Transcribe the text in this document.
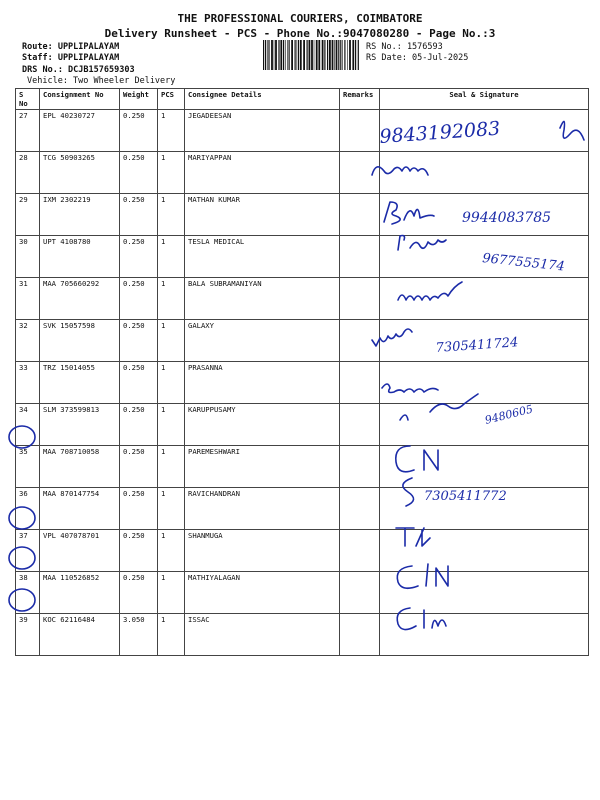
THE PROFESSIONAL COURIERS, COIMBATORE
Delivery Runsheet - PCS - Phone No.:9047080280 - Page No.:3
Route: UPPLIPALAYAM
Staff: UPPLIPALAYAM
DRS No.: DCJB157659303
Vehicle: Two Wheeler Delivery
RS No.: 1576593
RS Date: 05-Jul-2025
S No	Consignment No	Weight	PCS	Consignee Details	Remarks	Seal & Signature
27	EPL 40230727	0.250	1	JEGADEESAN		
28	TCG 50903265	0.250	1	MARIYAPPAN		
29	IXM 2302219	0.250	1	MATHAN KUMAR		
30	UPT 4108780	0.250	1	TESLA MEDICAL		
31	MAA 705660292	0.250	1	BALA SUBRAMANIYAN		
32	SVK 15057598	0.250	1	GALAXY		
33	TRZ 15014055	0.250	1	PRASANNA		
34	SLM 373599813	0.250	1	KARUPPUSAMY		
35	MAA 708710058	0.250	1	PAREMESHWARI		
36	MAA 870147754	0.250	1	RAVICHANDRAN		
37	VPL 407078701	0.250	1	SHANMUGA		
38	MAA 110526852	0.250	1	MATHIYALAGAN		
39	KOC 62116484	3.050	1	ISSAC		
9843192083
9944083785
9677555174
7305411724
9480605
7305411772
